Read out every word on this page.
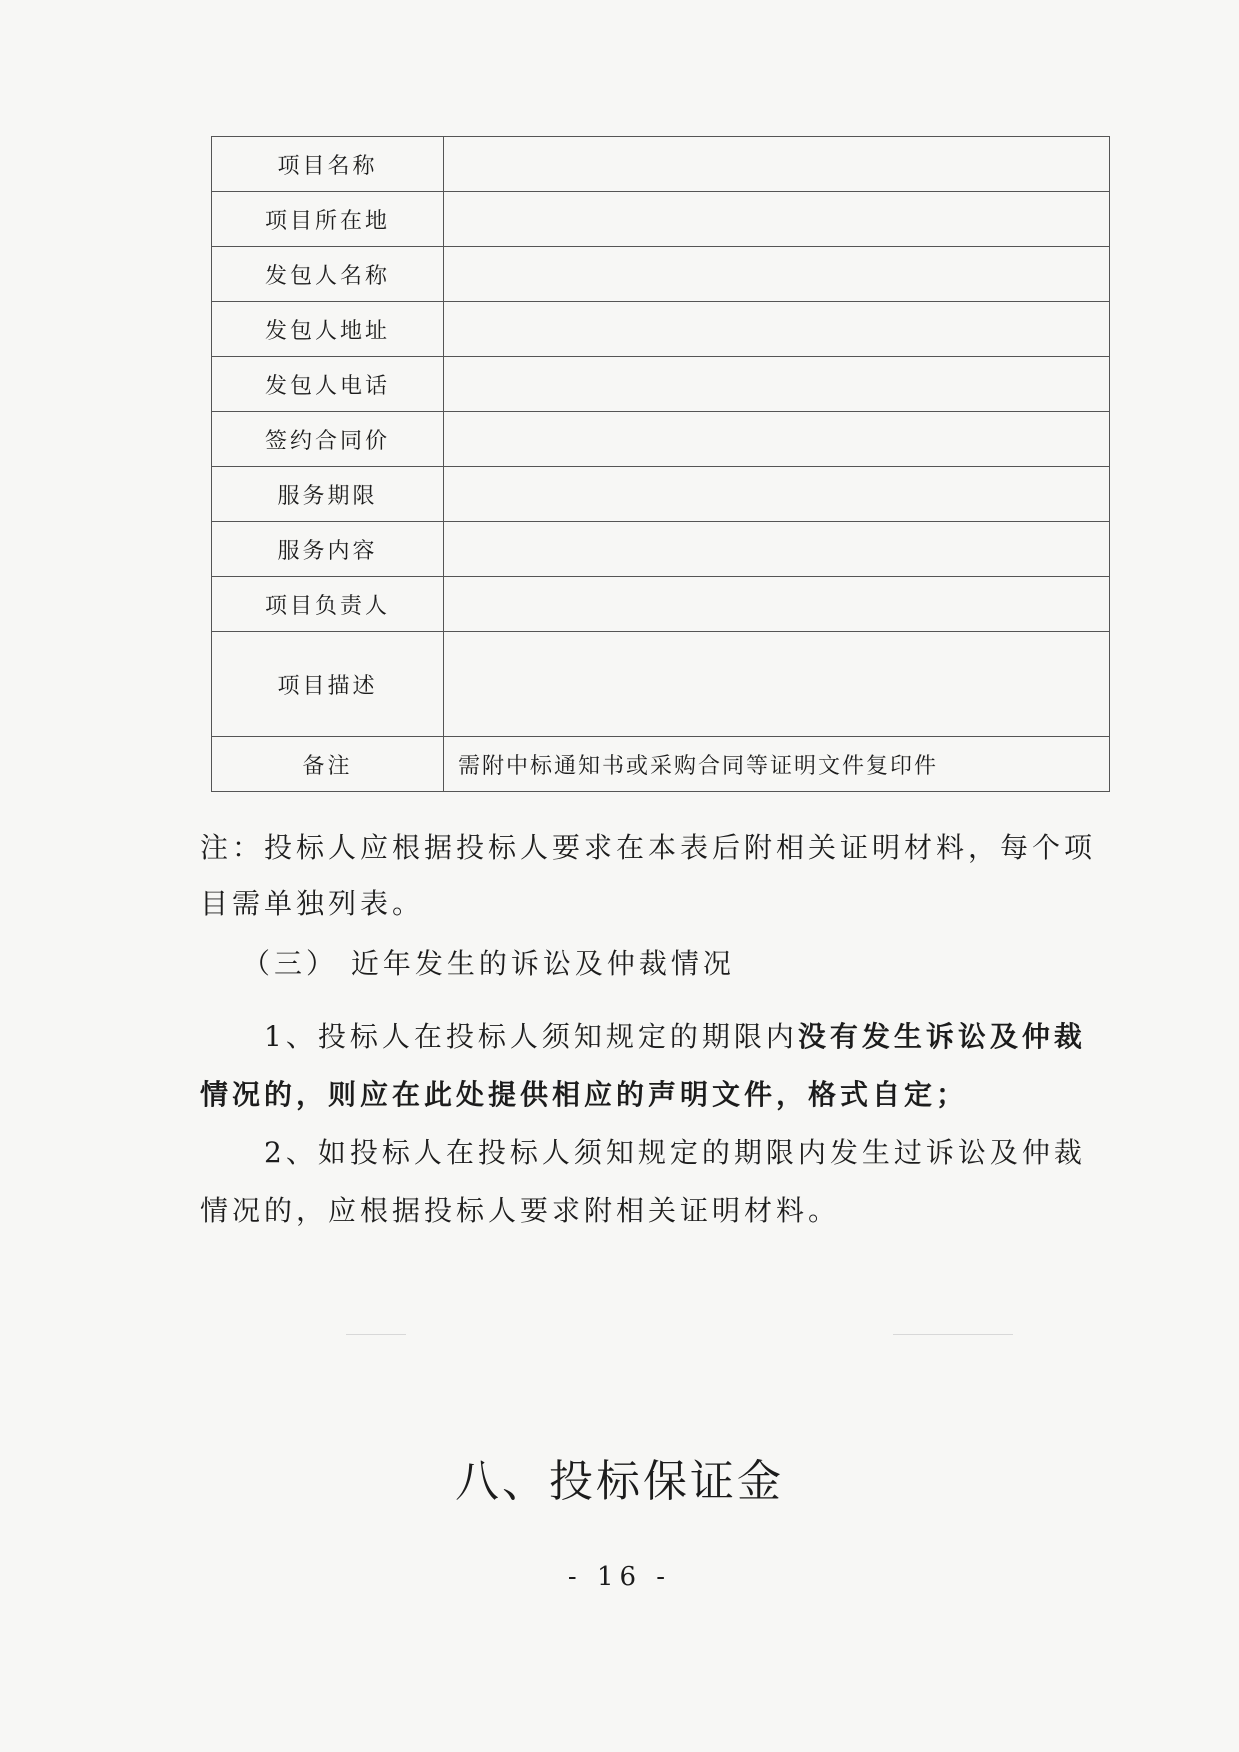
项目名称	
项目所在地	
发包人名称	
发包人地址	
发包人电话	
签约合同价	
服务期限	
服务内容	
项目负责人	
项目描述	
备注	需附中标通知书或采购合同等证明文件复印件
注：投标人应根据投标人要求在本表后附相关证明材料，每个项目需单独列表。
（三） 近年发生的诉讼及仲裁情况
1、投标人在投标人须知规定的期限内没有发生诉讼及仲裁情况的，则应在此处提供相应的声明文件，格式自定；
2、如投标人在投标人须知规定的期限内发生过诉讼及仲裁情况的，应根据投标人要求附相关证明材料。
八、投标保证金
- 16 -
